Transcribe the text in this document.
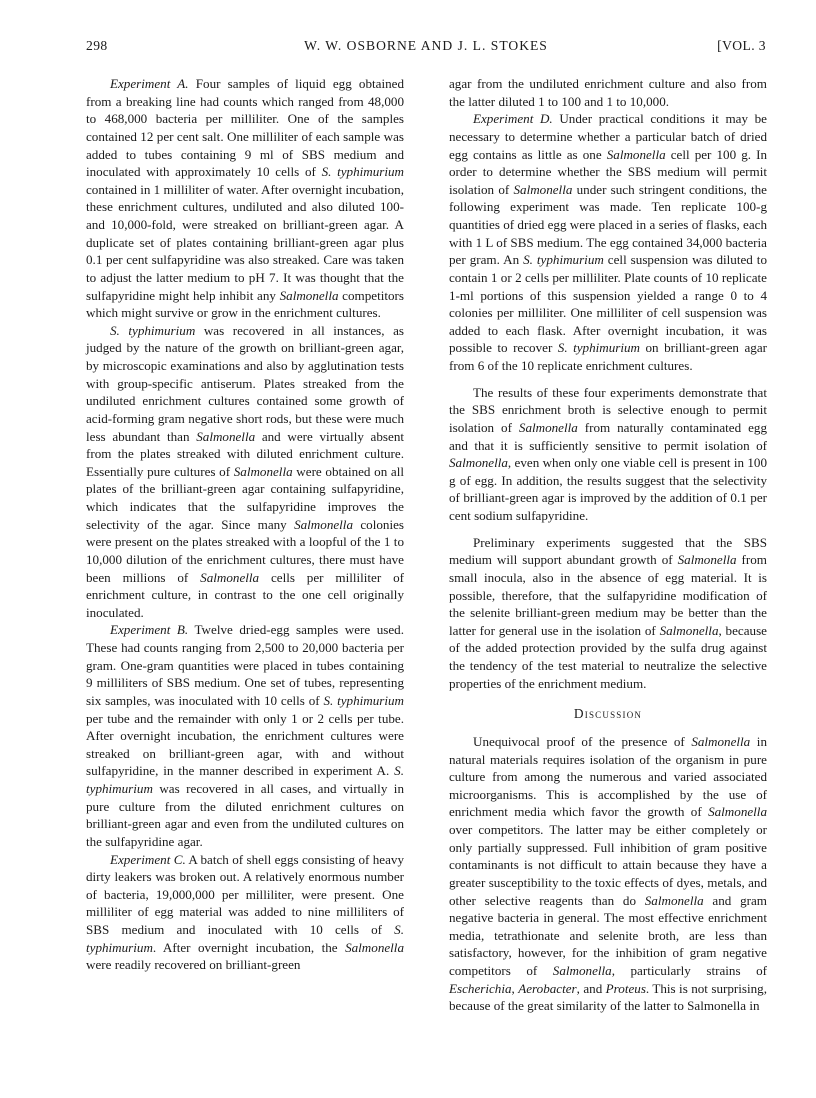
298	W. W. OSBORNE AND J. L. STOKES	[VOL. 3

Experiment A. Four samples of liquid egg obtained from a breaking line had counts which ranged from 48,000 to 468,000 bacteria per milliliter. One of the samples contained 12 per cent salt. One milliliter of each sample was added to tubes containing 9 ml of SBS medium and inoculated with approximately 10 cells of S. typhimurium contained in 1 milliliter of water. After overnight incubation, these enrichment cultures, undiluted and also diluted 100- and 10,000-fold, were streaked on brilliant-green agar. A duplicate set of plates containing brilliant-green agar plus 0.1 per cent sulfapyridine was also streaked. Care was taken to adjust the latter medium to pH 7. It was thought that the sulfapyridine might help inhibit any Salmonella competitors which might survive or grow in the enrichment cultures.

S. typhimurium was recovered in all instances, as judged by the nature of the growth on brilliant-green agar, by microscopic examinations and also by agglutination tests with group-specific antiserum. Plates streaked from the undiluted enrichment cultures contained some growth of acid-forming gram negative short rods, but these were much less abundant than Salmonella and were virtually absent from the plates streaked with diluted enrichment culture. Essentially pure cultures of Salmonella were obtained on all plates of the brilliant-green agar containing sulfapyridine, which indicates that the sulfapyridine improves the selectivity of the agar. Since many Salmonella colonies were present on the plates streaked with a loopful of the 1 to 10,000 dilution of the enrichment cultures, there must have been millions of Salmonella cells per milliliter of enrichment culture, in contrast to the one cell originally inoculated.

Experiment B. Twelve dried-egg samples were used. These had counts ranging from 2,500 to 20,000 bacteria per gram. One-gram quantities were placed in tubes containing 9 milliliters of SBS medium. One set of tubes, representing six samples, was inoculated with 10 cells of S. typhimurium per tube and the remainder with only 1 or 2 cells per tube. After overnight incubation, the enrichment cultures were streaked on brilliant-green agar, with and without sulfapyridine, in the manner described in experiment A. S. typhimurium was recovered in all cases, and virtually in pure culture from the diluted enrichment cultures on brilliant-green agar and even from the undiluted cultures on the sulfapyridine agar.

Experiment C. A batch of shell eggs consisting of heavy dirty leakers was broken out. A relatively enormous number of bacteria, 19,000,000 per milliliter, were present. One milliliter of egg material was added to nine milliliters of SBS medium and inoculated with 10 cells of S. typhimurium. After overnight incubation, the Salmonella were readily recovered on brilliant-green

agar from the undiluted enrichment culture and also from the latter diluted 1 to 100 and 1 to 10,000.

Experiment D. Under practical conditions it may be necessary to determine whether a particular batch of dried egg contains as little as one Salmonella cell per 100 g. In order to determine whether the SBS medium will permit isolation of Salmonella under such stringent conditions, the following experiment was made. Ten replicate 100-g quantities of dried egg were placed in a series of flasks, each with 1 L of SBS medium. The egg contained 34,000 bacteria per gram. An S. typhimurium cell suspension was diluted to contain 1 or 2 cells per milliliter. Plate counts of 10 replicate 1-ml portions of this suspension yielded a range 0 to 4 colonies per milliliter. One milliliter of cell suspension was added to each flask. After overnight incubation, it was possible to recover S. typhimurium on brilliant-green agar from 6 of the 10 replicate enrichment cultures.

The results of these four experiments demonstrate that the SBS enrichment broth is selective enough to permit isolation of Salmonella from naturally contaminated egg and that it is sufficiently sensitive to permit isolation of Salmonella, even when only one viable cell is present in 100 g of egg. In addition, the results suggest that the selectivity of brilliant-green agar is improved by the addition of 0.1 per cent sodium sulfapyridine.

Preliminary experiments suggested that the SBS medium will support abundant growth of Salmonella from small inocula, also in the absence of egg material. It is possible, therefore, that the sulfapyridine modification of the selenite brilliant-green medium may be better than the latter for general use in the isolation of Salmonella, because of the added protection provided by the sulfa drug against the tendency of the test material to neutralize the selective properties of the enrichment medium.

Discussion

Unequivocal proof of the presence of Salmonella in natural materials requires isolation of the organism in pure culture from among the numerous and varied associated microorganisms. This is accomplished by the use of enrichment media which favor the growth of Salmonella over competitors. The latter may be either completely or only partially suppressed. Full inhibition of gram positive contaminants is not difficult to attain because they have a greater susceptibility to the toxic effects of dyes, metals, and other selective reagents than do Salmonella and gram negative bacteria in general. The most effective enrichment media, tetrathionate and selenite broth, are less than satisfactory, however, for the inhibition of gram negative competitors of Salmonella, particularly strains of Escherichia, Aerobacter, and Proteus. This is not surprising, because of the great similarity of the latter to Salmonella in
